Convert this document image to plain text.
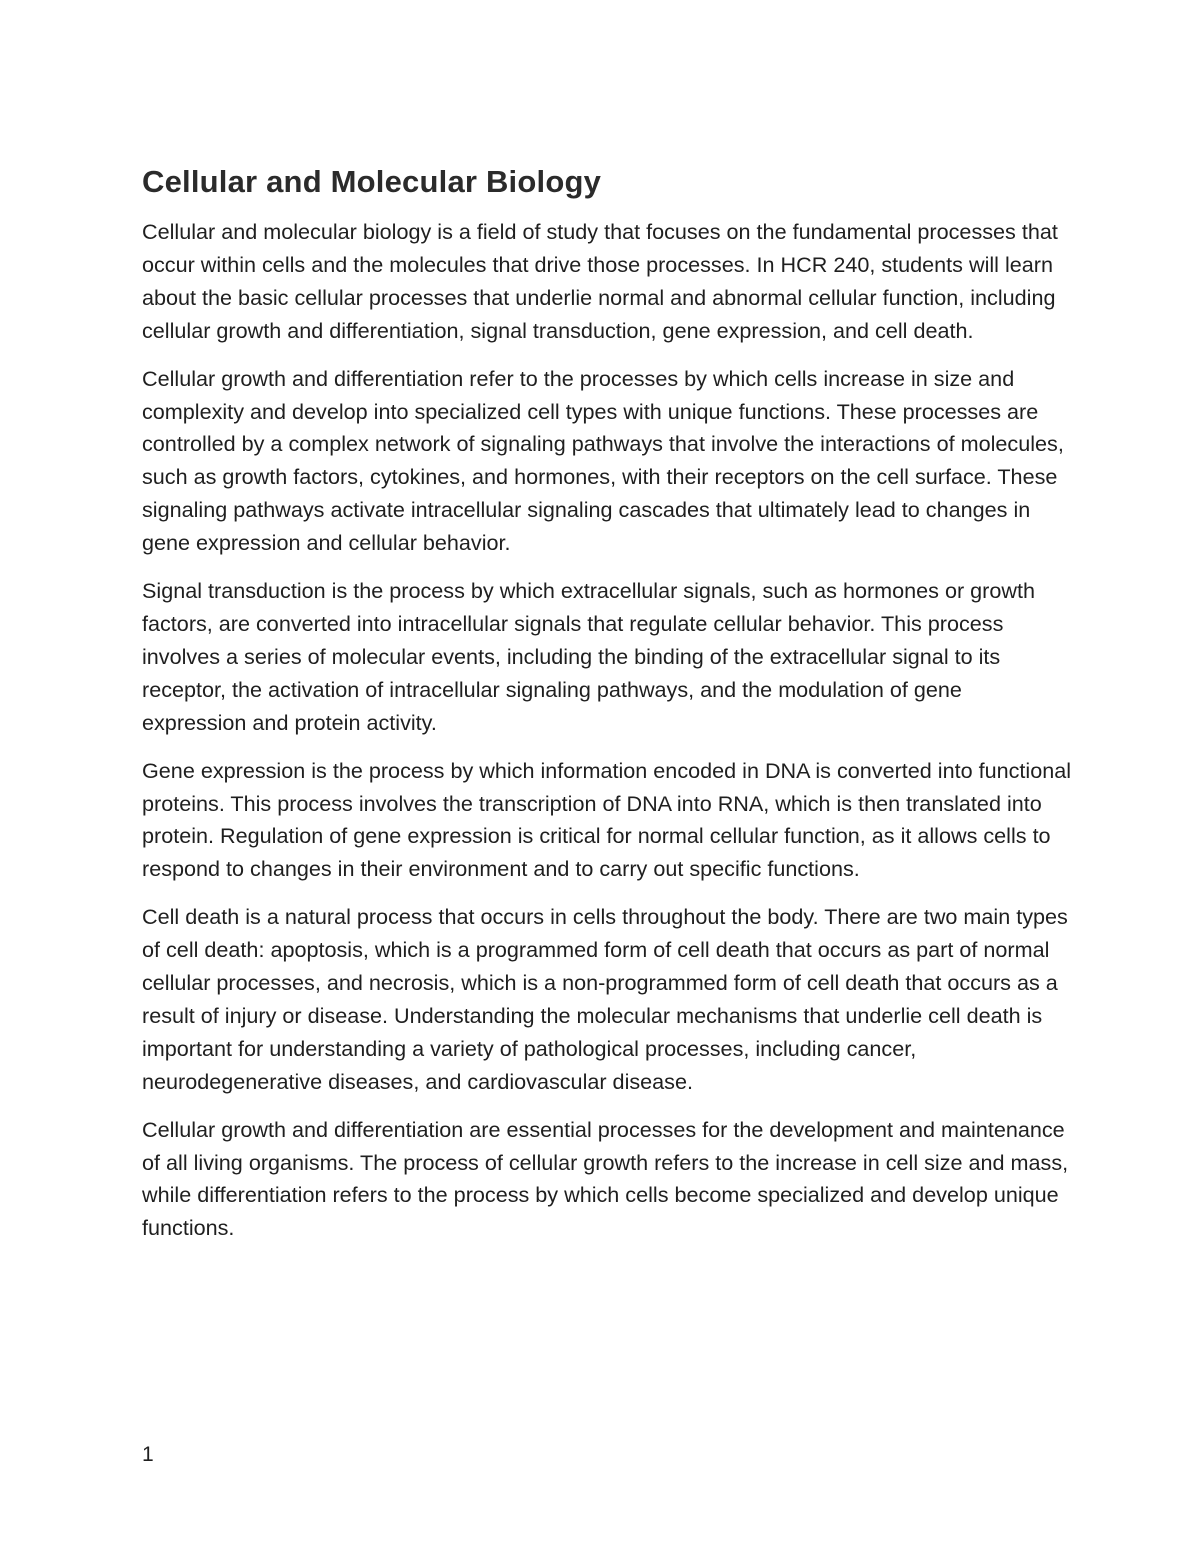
Cellular and Molecular Biology

Cellular and molecular biology is a field of study that focuses on the fundamental processes that occur within cells and the molecules that drive those processes. In HCR 240, students will learn about the basic cellular processes that underlie normal and abnormal cellular function, including cellular growth and differentiation, signal transduction, gene expression, and cell death.

Cellular growth and differentiation refer to the processes by which cells increase in size and complexity and develop into specialized cell types with unique functions. These processes are controlled by a complex network of signaling pathways that involve the interactions of molecules, such as growth factors, cytokines, and hormones, with their receptors on the cell surface. These signaling pathways activate intracellular signaling cascades that ultimately lead to changes in gene expression and cellular behavior.

Signal transduction is the process by which extracellular signals, such as hormones or growth factors, are converted into intracellular signals that regulate cellular behavior. This process involves a series of molecular events, including the binding of the extracellular signal to its receptor, the activation of intracellular signaling pathways, and the modulation of gene expression and protein activity.

Gene expression is the process by which information encoded in DNA is converted into functional proteins. This process involves the transcription of DNA into RNA, which is then translated into protein. Regulation of gene expression is critical for normal cellular function, as it allows cells to respond to changes in their environment and to carry out specific functions.

Cell death is a natural process that occurs in cells throughout the body. There are two main types of cell death: apoptosis, which is a programmed form of cell death that occurs as part of normal cellular processes, and necrosis, which is a non-programmed form of cell death that occurs as a result of injury or disease. Understanding the molecular mechanisms that underlie cell death is important for understanding a variety of pathological processes, including cancer, neurodegenerative diseases, and cardiovascular disease.

Cellular growth and differentiation are essential processes for the development and maintenance of all living organisms. The process of cellular growth refers to the increase in cell size and mass, while differentiation refers to the process by which cells become specialized and develop unique functions.

1
